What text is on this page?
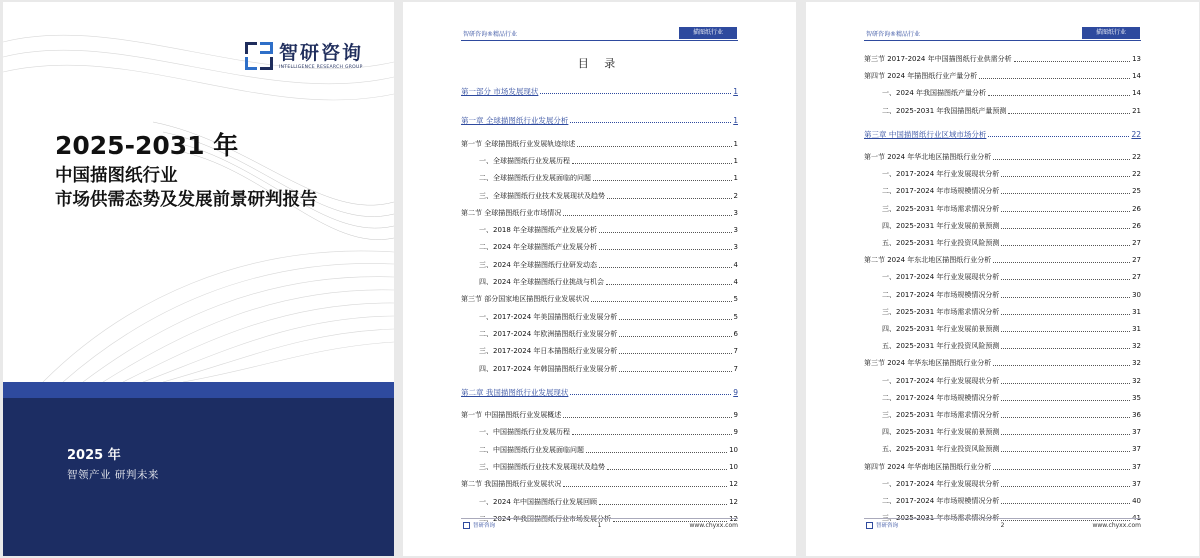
智研咨询
INTELLIGENCE RESEARCH GROUP
2025-2031 年
中国描图纸行业
市场供需态势及发展前景研判报告
2025 年
智领产业 研判未来
智研咨询®精品行业	描图纸行业
目 录
第一部分 市场发展现状	1
第一章 全球描图纸行业发展分析	1
第一节 全球描图纸行业发展轨迹综述	1
一、全球描图纸行业发展历程	1
二、全球描图纸行业发展面临的问题	1
三、全球描图纸行业技术发展现状及趋势	2
第二节 全球描图纸行业市场情况	3
一、2018 年全球描图纸产业发展分析	3
二、2024 年全球描图纸产业发展分析	3
三、2024 年全球描图纸行业研发动态	4
四、2024 年全球描图纸行业挑战与机会	4
第三节 部分国家地区描图纸行业发展状况	5
一、2017-2024 年美国描图纸行业发展分析	5
二、2017-2024 年欧洲描图纸行业发展分析	6
三、2017-2024 年日本描图纸行业发展分析	7
四、2017-2024 年韩国描图纸行业发展分析	7
第二章 我国描图纸行业发展现状	9
第一节 中国描图纸行业发展概述	9
一、中国描图纸行业发展历程	9
二、中国描图纸行业发展面临问题	10
三、中国描图纸行业技术发展现状及趋势	10
第二节 我国描图纸行业发展状况	12
一、2024 年中国描图纸行业发展回顾	12
智研咨询	1	www.chyxx.com
智研咨询®精品行业	描图纸行业
第三节 2017-2024 年中国描图纸行业供需分析	13
第四节 2024 年描图纸行业产量分析	14
一、2024 年我国描图纸产量分析	14
二、2025-2031 年我国描图纸产量预测	21
第三章 中国描图纸行业区域市场分析	22
第一节 2024 年华北地区描图纸行业分析	22
一、2017-2024 年行业发展现状分析	22
二、2017-2024 年市场规模情况分析	25
三、2025-2031 年市场需求情况分析	26
四、2025-2031 年行业发展前景预测	26
五、2025-2031 年行业投资风险预测	27
第二节 2024 年东北地区描图纸行业分析	27
一、2017-2024 年行业发展现状分析	27
二、2017-2024 年市场规模情况分析	30
三、2025-2031 年市场需求情况分析	31
四、2025-2031 年行业发展前景预测	31
五、2025-2031 年行业投资风险预测	32
第三节 2024 年华东地区描图纸行业分析	32
一、2017-2024 年行业发展现状分析	32
二、2017-2024 年市场规模情况分析	35
三、2025-2031 年市场需求情况分析	36
四、2025-2031 年行业发展前景预测	37
五、2025-2031 年行业投资风险预测	37
第四节 2024 年华南地区描图纸行业分析	37
一、2017-2024 年行业发展现状分析	37
二、2017-2024 年市场规模情况分析	40
智研咨询	2	www.chyxx.com
